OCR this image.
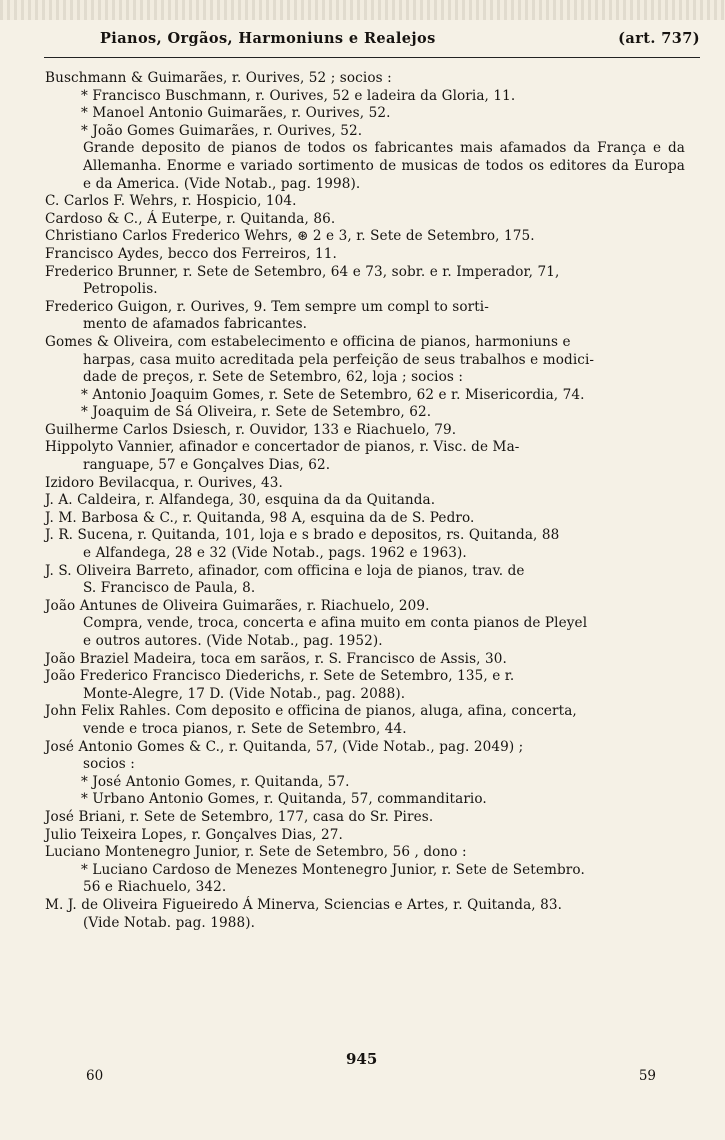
Pianos, Orgãos, Harmoniuns e Realejos	(art. 737)
Buschmann & Guimarães, r. Ourives, 52 ; socios :
* Francisco Buschmann, r. Ourives, 52 e ladeira da Gloria, 11.
* Manoel Antonio Guimarães, r. Ourives, 52.
* João Gomes Guimarães, r. Ourives, 52.
Grande deposito de pianos de todos os fabricantes mais afamados da França e da Allemanha. Enorme e variado sortimento de musicas de todos os editores da Europa e da America. (Vide Notab., pag. 1998).
C. Carlos F. Wehrs, r. Hospicio, 104.
Cardoso & C., Á Euterpe, r. Quitanda, 86.
Christiano Carlos Frederico Wehrs, ⊛ 2 e 3, r. Sete de Setembro, 175.
Francisco Aydes, becco dos Ferreiros, 11.
Frederico Brunner, r. Sete de Setembro, 64 e 73, sobr. e r. Imperador, 71,
Petropolis.
Frederico Guigon, r. Ourives, 9. Tem sempre um compl to sorti-
mento de afamados fabricantes.
Gomes & Oliveira, com estabelecimento e officina de pianos, harmoniuns e
harpas, casa muito acreditada pela perfeição de seus trabalhos e modici-
dade de preços, r. Sete de Setembro, 62, loja ; socios :
* Antonio Joaquim Gomes, r. Sete de Setembro, 62 e r. Misericordia, 74.
* Joaquim de Sá Oliveira, r. Sete de Setembro, 62.
Guilherme Carlos Dsiesch, r. Ouvidor, 133 e Riachuelo, 79.
Hippolyto Vannier, afinador e concertador de pianos, r. Visc. de Ma-
ranguape, 57 e Gonçalves Dias, 62.
Izidoro Bevilacqua, r. Ourives, 43.
J. A. Caldeira, r. Alfandega, 30, esquina da da Quitanda.
J. M. Barbosa & C., r. Quitanda, 98 A, esquina da de S. Pedro.
J. R. Sucena, r. Quitanda, 101, loja e s brado e depositos, rs. Quitanda, 88
e Alfandega, 28 e 32 (Vide Notab., pags. 1962 e 1963).
J. S. Oliveira Barreto, afinador, com officina e loja de pianos, trav. de
S. Francisco de Paula, 8.
João Antunes de Oliveira Guimarães, r. Riachuelo, 209.
Compra, vende, troca, concerta e afina muito em conta pianos de Pleyel
e outros autores. (Vide Notab., pag. 1952).
João Braziel Madeira, toca em sarãos, r. S. Francisco de Assis, 30.
João Frederico Francisco Diederichs, r. Sete de Setembro, 135, e r.
Monte-Alegre, 17 D. (Vide Notab., pag. 2088).
John Felix Rahles. Com deposito e officina de pianos, aluga, afina, concerta,
vende e troca pianos, r. Sete de Setembro, 44.
José Antonio Gomes & C., r. Quitanda, 57, (Vide Notab., pag. 2049) ;
socios :
* José Antonio Gomes, r. Quitanda, 57.
* Urbano Antonio Gomes, r. Quitanda, 57, commanditario.
José Briani, r. Sete de Setembro, 177, casa do Sr. Pires.
Julio Teixeira Lopes, r. Gonçalves Dias, 27.
Luciano Montenegro Junior, r. Sete de Setembro, 56 , dono :
* Luciano Cardoso de Menezes Montenegro Junior, r. Sete de Setembro.
56 e Riachuelo, 342.
M. J. de Oliveira Figueiredo Á Minerva, Sciencias e Artes, r. Quitanda, 83.
(Vide Notab. pag. 1988).
60
945
59
